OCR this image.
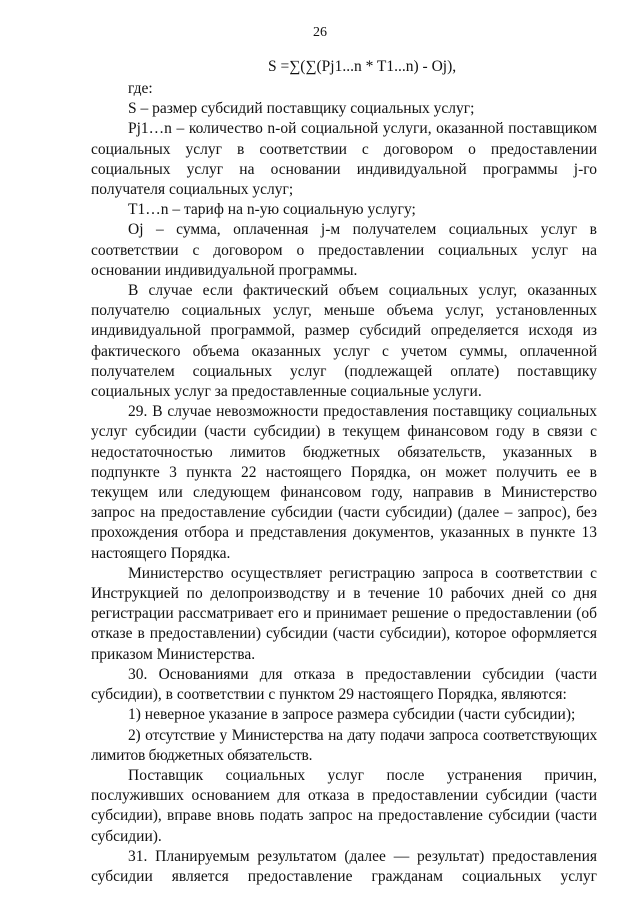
26
S =∑(∑(Pj1...n * T1...n) - Oj),

где:

S – размер субсидий поставщику социальных услуг;

Pj1…n – количество n-ой социальной услуги, оказанной поставщиком социальных услуг в соответствии с договором о предоставлении социальных услуг на основании индивидуальной программы j-го получателя социальных услуг;

T1…n – тариф на n-ую социальную услугу;

Oj – сумма, оплаченная j-м получателем социальных услуг в соответствии с договором о предоставлении социальных услуг на основании индивидуальной программы.

В случае если фактический объем социальных услуг, оказанных получателю социальных услуг, меньше объема услуг, установленных индивидуальной программой, размер субсидий определяется исходя из фактического объема оказанных услуг с учетом суммы, оплаченной получателем социальных услуг (подлежащей оплате) поставщику социальных услуг за предоставленные социальные услуги.

29. В случае невозможности предоставления поставщику социальных услуг субсидии (части субсидии) в текущем финансовом году в связи с недостаточностью лимитов бюджетных обязательств, указанных в подпункте 3 пункта 22 настоящего Порядка, он может получить ее в текущем или следующем финансовом году, направив в Министерство запрос на предоставление субсидии (части субсидии) (далее – запрос), без прохождения отбора и представления документов, указанных в пункте 13 настоящего Порядка.

Министерство осуществляет регистрацию запроса в соответствии с Инструкцией по делопроизводству и в течение 10 рабочих дней со дня регистрации рассматривает его и принимает решение о предоставлении (об отказе в предоставлении) субсидии (части субсидии), которое оформляется приказом Министерства.

30. Основаниями для отказа в предоставлении субсидии (части субсидии), в соответствии с пунктом 29 настоящего Порядка, являются:

1) неверное указание в запросе размера субсидии (части субсидии);

2) отсутствие у Министерства на дату подачи запроса соответствующих лимитов бюджетных обязательств.

Поставщик социальных услуг после устранения причин, послуживших основанием для отказа в предоставлении субсидии (части субсидии), вправе вновь подать запрос на предоставление субсидии (части субсидии).

31. Планируемым результатом (далее — результат) предоставления субсидии является предоставление гражданам социальных услуг
